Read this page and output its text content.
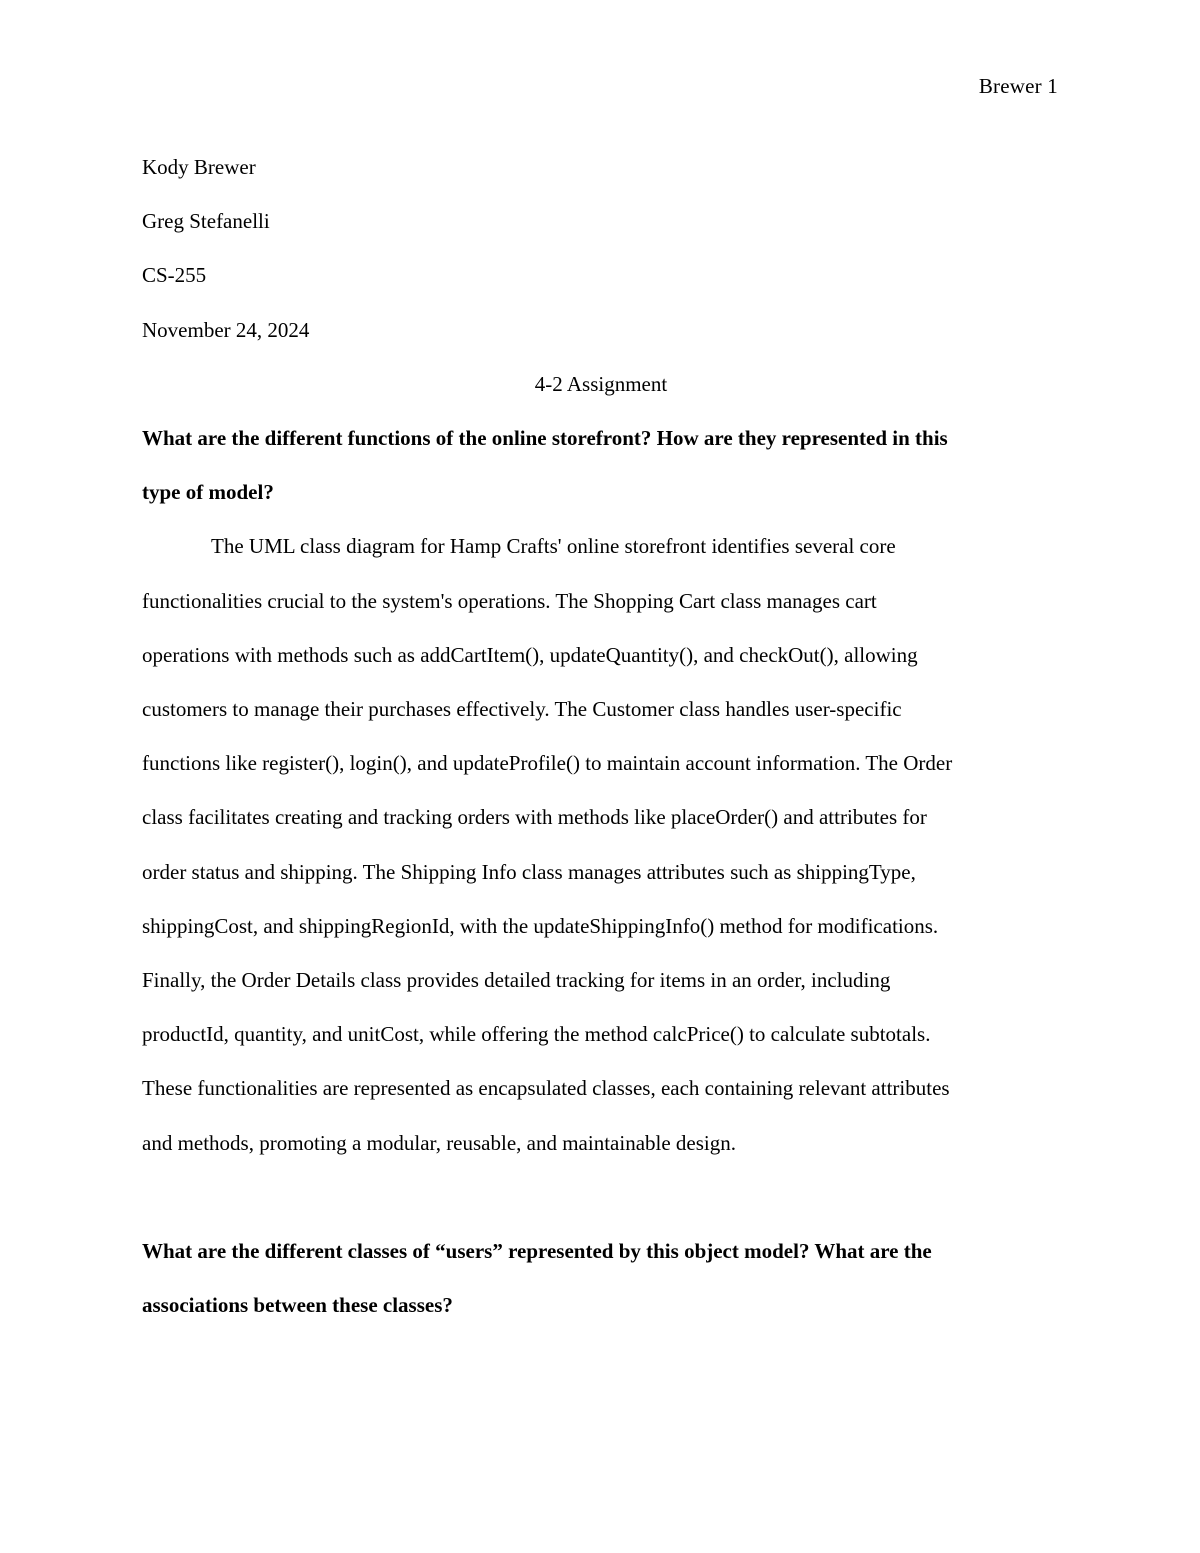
Brewer 1

Kody Brewer

Greg Stefanelli

CS-255

November 24, 2024

4-2 Assignment

What are the different functions of the online storefront? How are they represented in this

type of model?

The UML class diagram for Hamp Crafts' online storefront identifies several core

functionalities crucial to the system's operations. The Shopping Cart class manages cart

operations with methods such as addCartItem(), updateQuantity(), and checkOut(), allowing

customers to manage their purchases effectively. The Customer class handles user-specific

functions like register(), login(), and updateProfile() to maintain account information. The Order

class facilitates creating and tracking orders with methods like placeOrder() and attributes for

order status and shipping. The Shipping Info class manages attributes such as shippingType,

shippingCost, and shippingRegionId, with the updateShippingInfo() method for modifications.

Finally, the Order Details class provides detailed tracking for items in an order, including

productId, quantity, and unitCost, while offering the method calcPrice() to calculate subtotals.

These functionalities are represented as encapsulated classes, each containing relevant attributes

and methods, promoting a modular, reusable, and maintainable design.

What are the different classes of “users” represented by this object model? What are the

associations between these classes?
